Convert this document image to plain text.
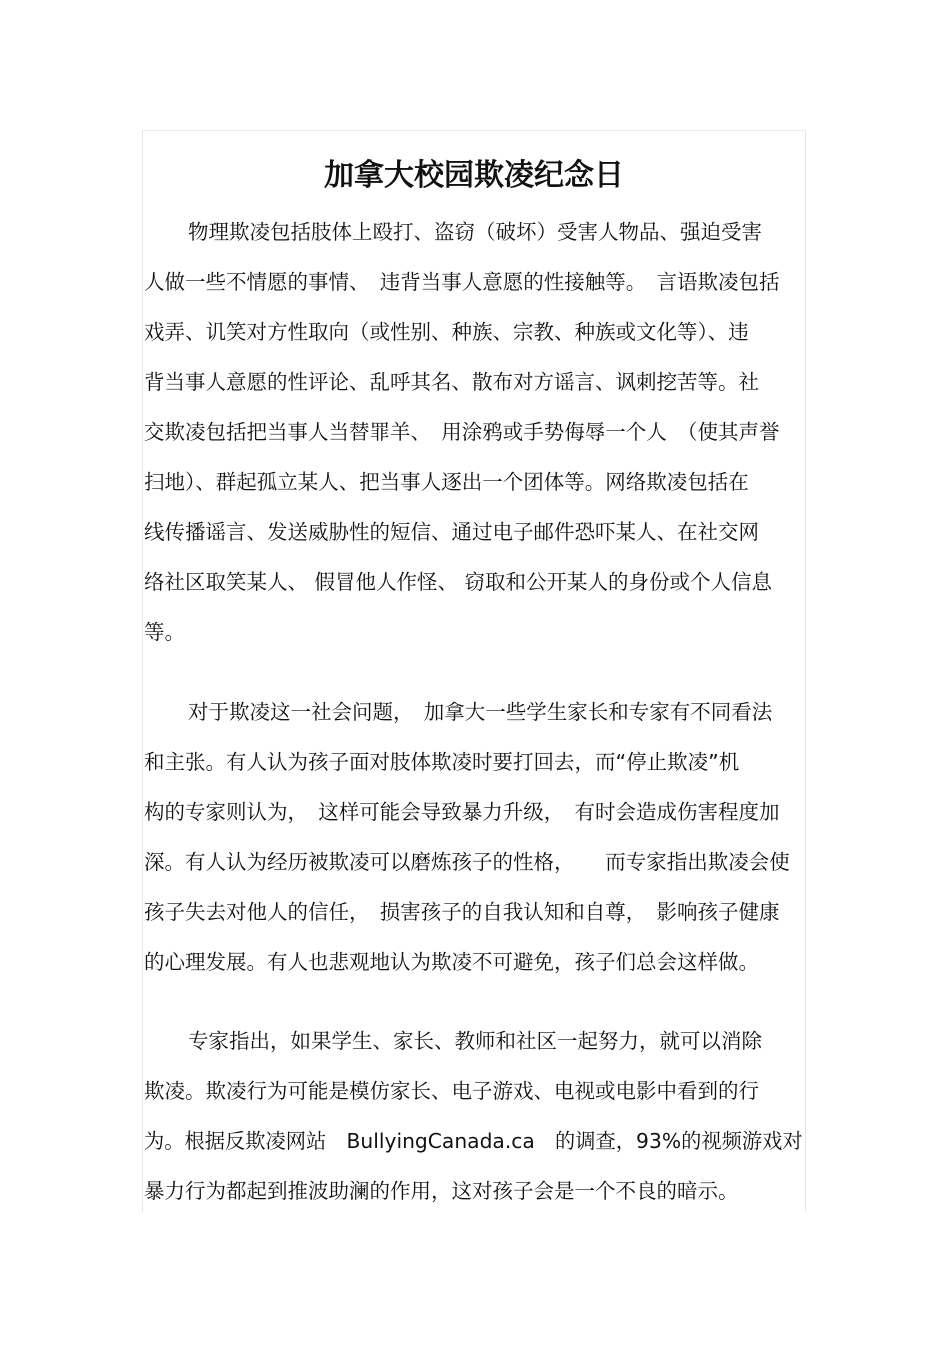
加拿大校园欺凌纪念日
物理欺凌包括肢体上殴打、盗窃（破坏）受害人物品、强迫受害
人做一些不情愿的事情、　违背当事人意愿的性接触等。　言语欺凌包括
戏弄、讥笑对方性取向（或性别、种族、宗教、种族或文化等）、违
背当事人意愿的性评论、乱呼其名、散布对方谣言、讽刺挖苦等。社
交欺凌包括把当事人当替罪羊、　用涂鸦或手势侮辱一个人　（使其声誉
扫地）、群起孤立某人、把当事人逐出一个团体等。网络欺凌包括在
线传播谣言、发送威胁性的短信、通过电子邮件恐吓某人、在社交网
络社区取笑某人、 假冒他人作怪、 窃取和公开某人的身份或个人信息
等。
对于欺凌这一社会问题，　加拿大一些学生家长和专家有不同看法
和主张。有人认为孩子面对肢体欺凌时要打回去，而“停止欺凌”机
构的专家则认为，　这样可能会导致暴力升级，　有时会造成伤害程度加
深。有人认为经历被欺凌可以磨炼孩子的性格，　　而专家指出欺凌会使
孩子失去对他人的信任，　损害孩子的自我认知和自尊，　影响孩子健康
的心理发展。有人也悲观地认为欺凌不可避免，孩子们总会这样做。
专家指出，如果学生、家长、教师和社区一起努力，就可以消除
欺凌。欺凌行为可能是模仿家长、电子游戏、电视或电影中看到的行
为。根据反欺凌网站　BullyingCanada.ca　的调查，93%的视频游戏对
暴力行为都起到推波助澜的作用，这对孩子会是一个不良的暗示。
